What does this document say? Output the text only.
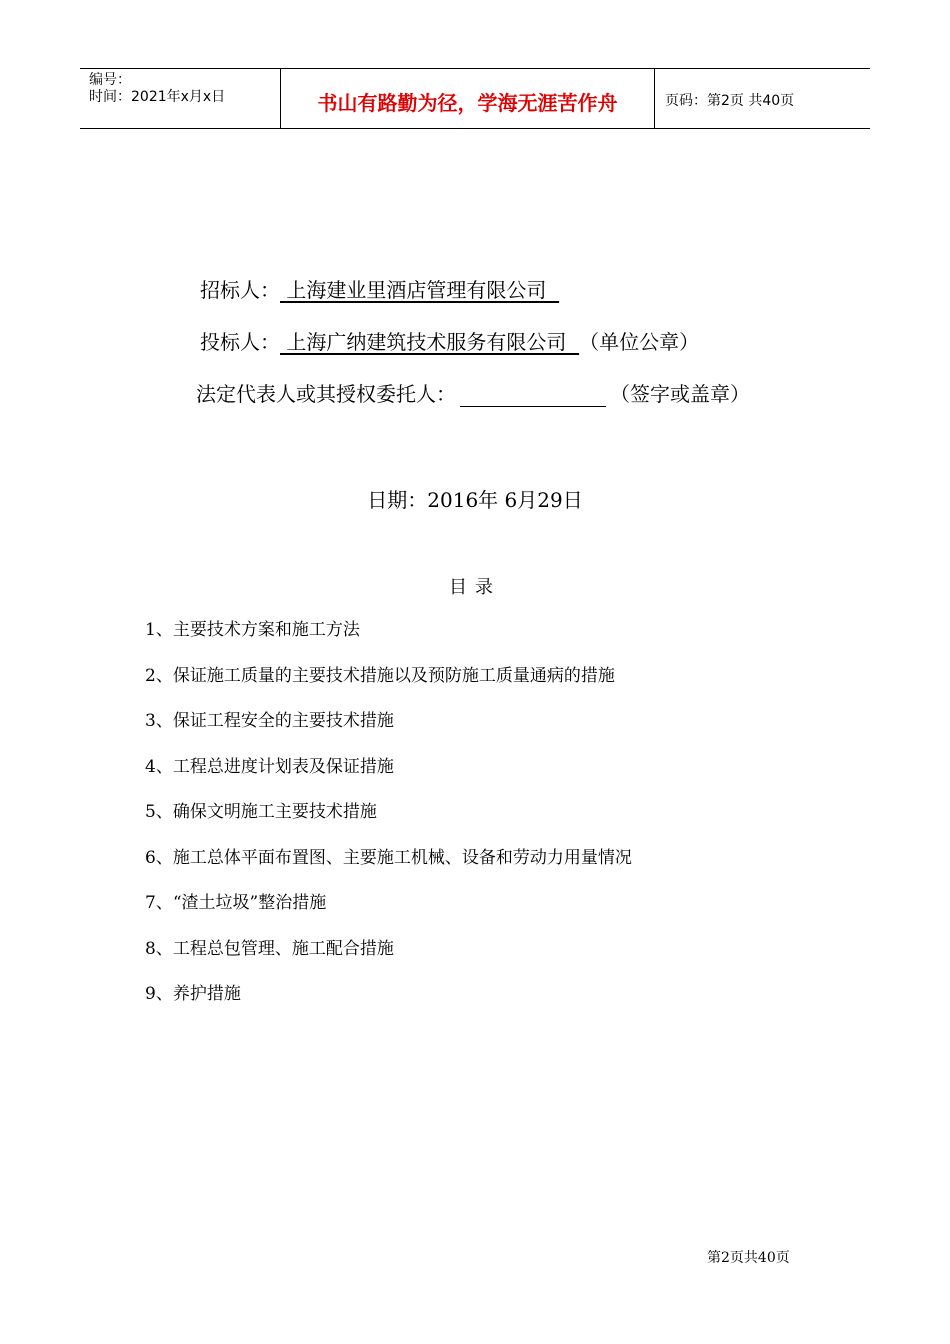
编号：
时间：2021年x月x日	书山有路勤为径，学海无涯苦作舟	页码：第2页 共40页
招标人： 上海建业里酒店管理有限公司
投标人： 上海广纳建筑技术服务有限公司  （单位公章）
法定代表人或其授权委托人：	（签字或盖章）
日期：2016年 6月29日
目录
1、主要技术方案和施工方法
2、保证施工质量的主要技术措施以及预防施工质量通病的措施
3、保证工程安全的主要技术措施
4、工程总进度计划表及保证措施
5、确保文明施工主要技术措施
6、施工总体平面布置图、主要施工机械、设备和劳动力用量情况
7、“渣土垃圾”整治措施
8、工程总包管理、施工配合措施
9、养护措施
第2页共40页
